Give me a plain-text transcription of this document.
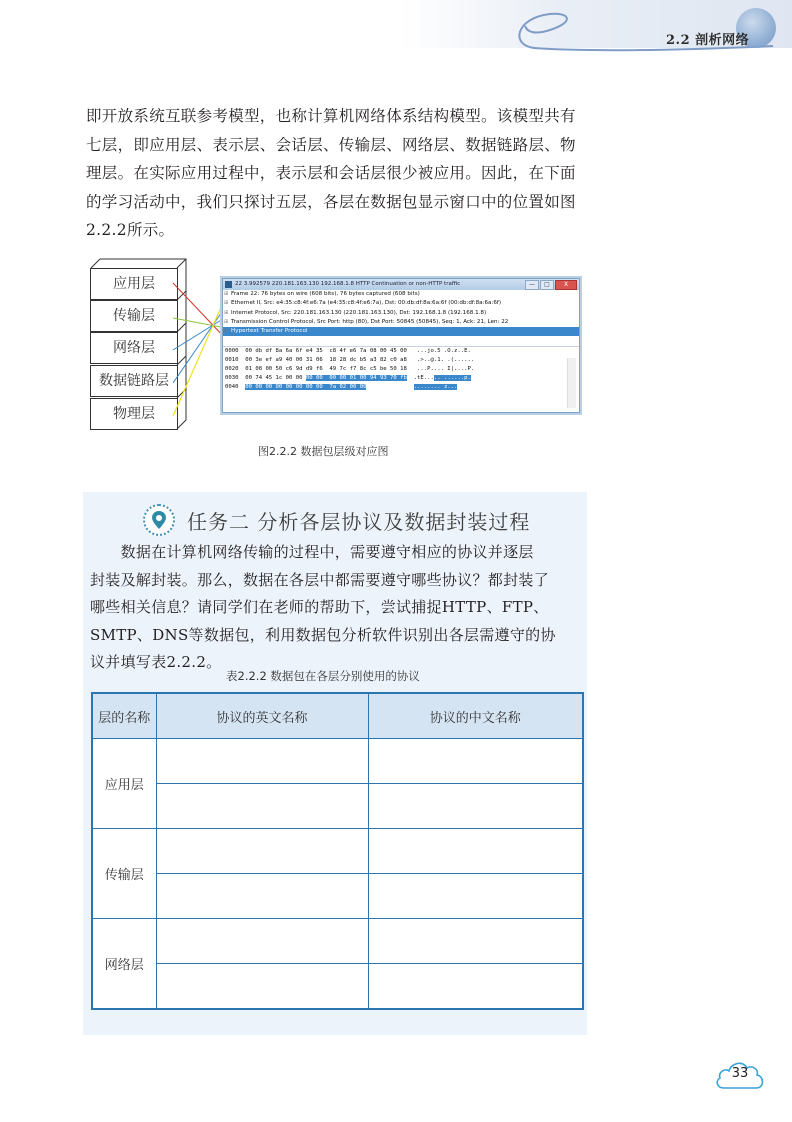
2.2 剖析网络
即开放系统互联参考模型，也称计算机网络体系结构模型。该模型共有
七层，即应用层、表示层、会话层、传输层、网络层、数据链路层、物
理层。在实际应用过程中，表示层和会话层很少被应用。因此，在下面
的学习活动中，我们只探讨五层，各层在数据包显示窗口中的位置如图
2.2.2所示。
应用层
传输层
网络层
数据链路层
物理层
22 3.992579 220.181.163.130 192.168.1.8 HTTP Continuation or non-HTTP traffic	—	□	X
⊞ Frame 22: 76 bytes on wire (608 bits), 76 bytes captured (608 bits)
⊞ Ethernet II, Src: e4:35:c8:4f:e6:7a (e4:35:c8:4f:e6:7a), Dst: 00:db:df:8a:6a:6f (00:db:df:8a:6a:6f)
⊞ Internet Protocol, Src: 220.181.163.130 (220.181.163.130), Dst: 192.168.1.8 (192.168.1.8)
⊞ Transmission Control Protocol, Src Port: http (80), Dst Port: 50845 (50845), Seq: 1, Ack: 21, Len: 22
⊞ Hypertext Transfer Protocol
0000 00 db df 8a 6a 6f e4 35  c8 4f e6 7a 08 00 45 00 ...jo.5 .O.z..E.
0010 00 3e ef a9 40 00 31 06  18 28 dc b5 a3 82 c0 a8 .>..@.1. .(......
0020 01 08 00 50 c6 9d d9 f6  49 7c f7 8c c5 be 50 18 ...P.... I|....P.
0030 00 74 45 1c 00 00 00 00  00 00 01 00 94 93 70 fb .tE..... ......p.
0040 00 00 00 00 00 00 00 00  7a 02 00 00	........ z...
图2.2.2 数据包层级对应图
任务二 分析各层协议及数据封装过程
　　数据在计算机网络传输的过程中，需要遵守相应的协议并逐层
封装及解封装。那么，数据在各层中都需要遵守哪些协议？都封装了
哪些相关信息？请同学们在老师的帮助下，尝试捕捉HTTP、FTP、
SMTP、DNS等数据包，利用数据包分析软件识别出各层需遵守的协
议并填写表2.2.2。
表2.2.2 数据包在各层分别使用的协议
层的名称	协议的英文名称	协议的中文名称
应用层		

传输层		

网络层		

33
